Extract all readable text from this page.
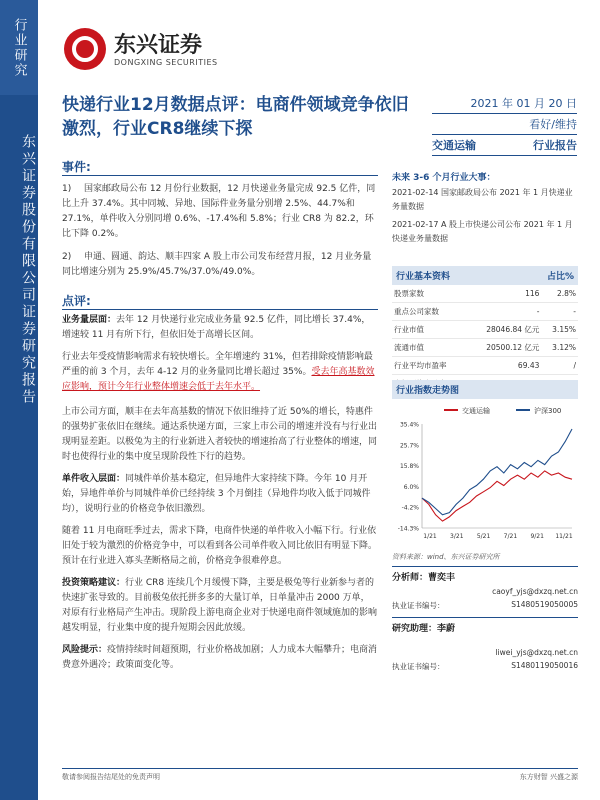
行业研究
东兴证券股份有限公司证券研究报告
东兴证券
DONGXING SECURITIES
快递行业12月数据点评：电商件领域竞争依旧激烈，行业CR8继续下探
2021 年 01 月 20 日
看好/维持
交通运输	行业报告
事件:

1) 国家邮政局公布 12 月份行业数据，12 月快递业务量完成 92.5 亿件，同比上升 37.4%。其中同城、异地、国际件业务量分别增 2.5%、44.7%和 27.1%，单件收入分别同增 0.6%、-17.4%和 5.8%；行业 CR8 为 82.2，环比下降 0.2%。

2) 申通、圆通、韵达、顺丰四家 A 股上市公司发布经营月报，12 月业务量同比增速分别为 25.9%/45.7%/37.0%/49.0%。

点评:

业务量层面：去年 12 月快递行业完成业务量 92.5 亿件，同比增长 37.4%，增速较 11 月有所下行，但依旧处于高增长区间。

行业去年受疫情影响需求有较快增长。全年增速约 31%，但若排除疫情影响最严重的前 3 个月，去年 4-12 月的业务量同比增长超过 35%。受去年高基数效应影响，预计今年行业整体增速会低于去年水平。

上市公司方面，顺丰在去年高基数的情况下依旧维持了近 50%的增长，特惠件的强势扩张依旧在继续。通达系快递方面，三家上市公司的增速并没有与行业出现明显差距。以极兔为主的行业新进入者较快的增速抬高了行业整体的增速，同时也使得行业的集中度呈现阶段性下行的趋势。

单件收入层面：同城件单价基本稳定，但异地件大家持续下降。今年 10 月开始，异地件单价与同城件单价已经持续 3 个月倒挂（异地件均收入低于同城件均），说明行业的价格竞争依旧激烈。

随着 11 月电商旺季过去，需求下降，电商件快递的单件收入小幅下行。行业依旧处于较为激烈的价格竞争中，可以看到各公司单件收入同比依旧有明显下降。预计在行业进入寡头垄断格局之前，价格竞争很难停息。

投资策略建议：行业 CR8 连续几个月缓慢下降，主要是极兔等行业新参与者的快速扩张导致的。目前极兔依托拼多多的大量订单，日单量冲击 2000 万单，对原有行业格局产生冲击。现阶段上游电商企业对于快递电商件领域施加的影响越发明显，行业集中度的提升短期会因此放缓。

风险提示：疫情持续时间超预期，行业价格战加剧；人力成本大幅攀升；电商消费意外遇冷；政策面变化等。

未来 3-6 个月行业大事：
2021-02-14 国家邮政局公布 2021 年 1 月快递业务量数据
2021-02-17 A 股上市快递公司公布 2021 年 1 月快递业务量数据
行业基本资料	占比%
股票家数	116	2.8%
重点公司家数	-	-
行业市值	28046.84 亿元	3.15%
流通市值	20500.12 亿元	3.12%
行业平均市盈率	69.43	/

行业指数走势图
交通运输	沪深300
35.4%
25.7%
15.8%
6.0%
-4.2%
-14.3%
1/21 3/21 5/21 7/21 9/21 11/21
资料来源：wind、东兴证券研究所
分析师：曹奕丰
caoyf_yjs@dxzq.net.cn
执业证书编号：	S1480519050005
研究助理：李蔚
liwei_yjs@dxzq.net.cn
执业证书编号：	S1480119050016
敬请参阅报告结尾处的免责声明	东方财智 兴盛之源
